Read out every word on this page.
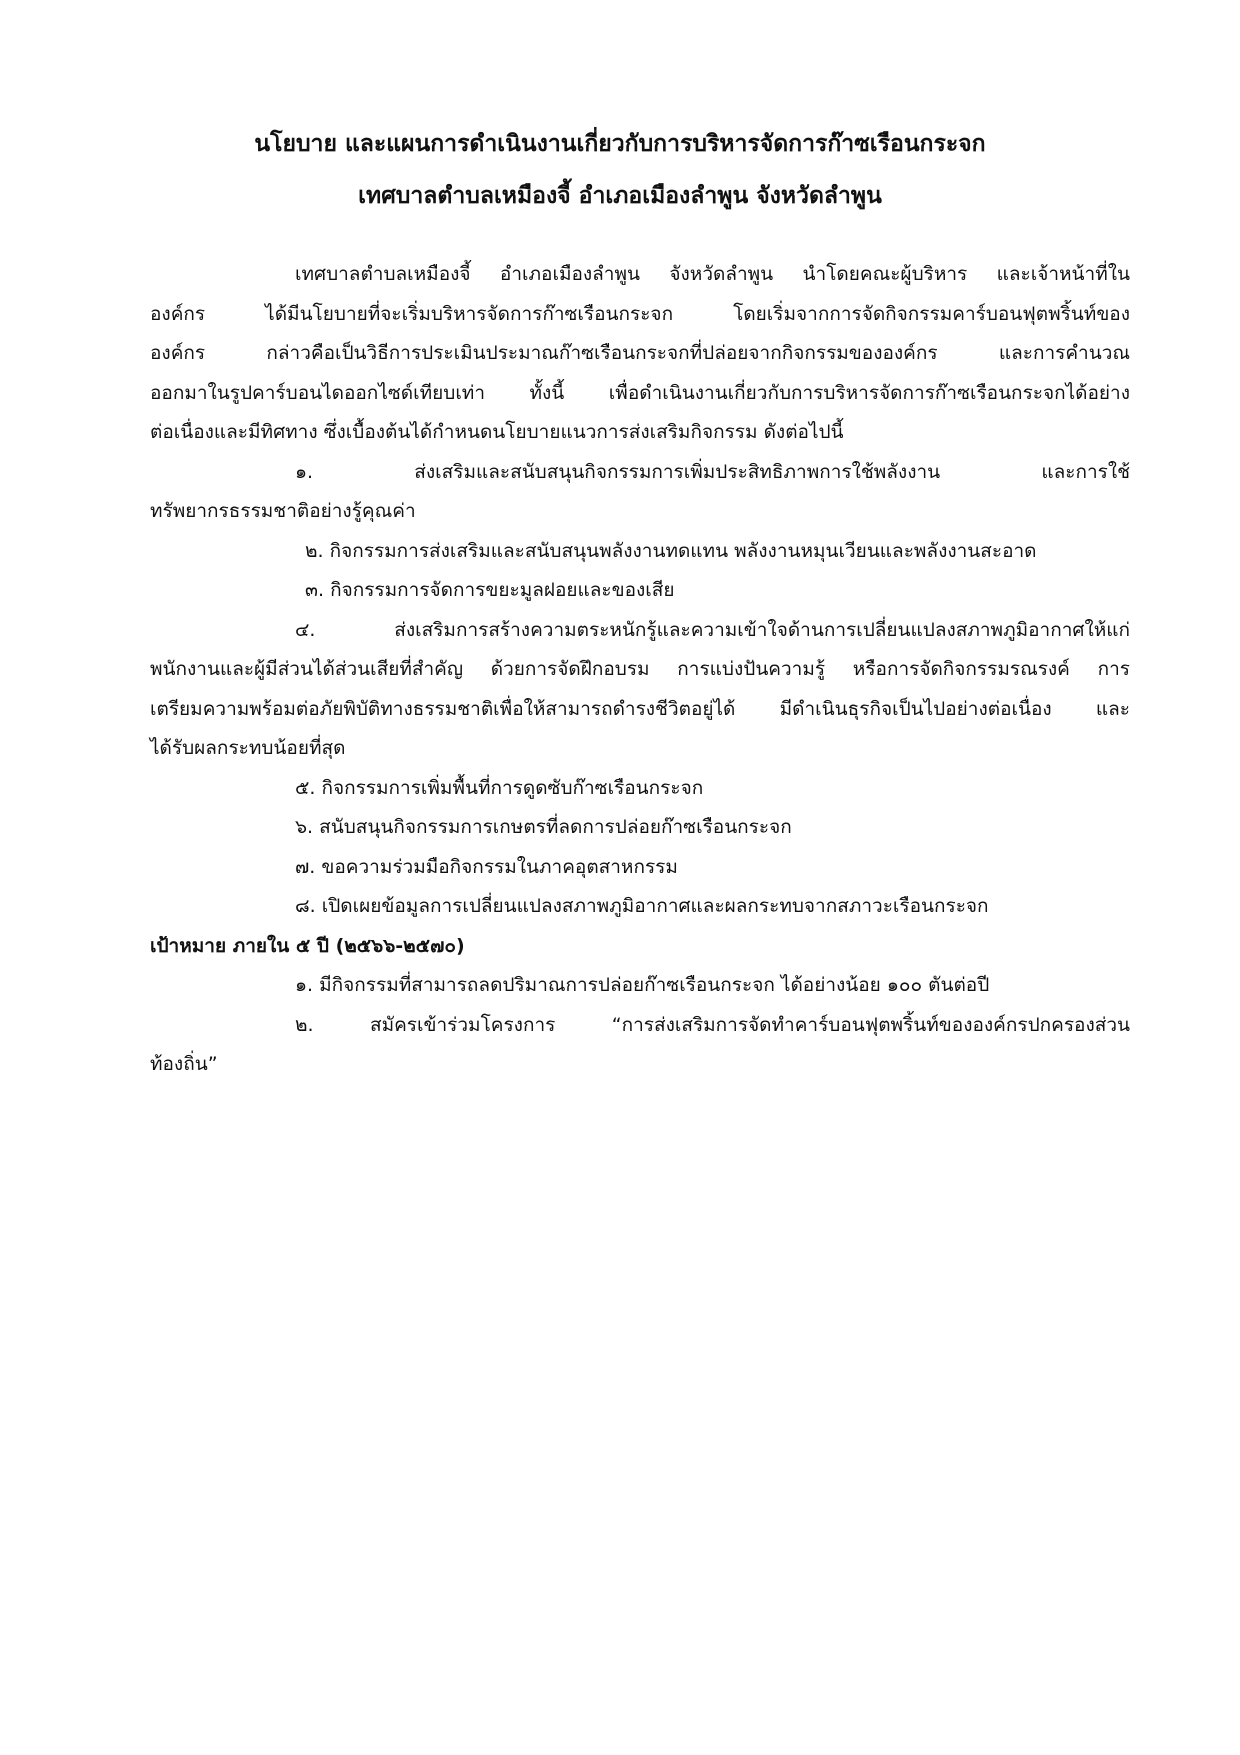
นโยบาย และแผนการดำเนินงานเกี่ยวกับการบริหารจัดการก๊าซเรือนกระจก
เทศบาลตำบลเหมืองจี้ อำเภอเมืองลำพูน จังหวัดลำพูน
เทศบาลตำบลเหมืองจี้ อำเภอเมืองลำพูน จังหวัดลำพูน นำโดยคณะผู้บริหาร และเจ้าหน้าที่ใน
องค์กร ได้มีนโยบายที่จะเริ่มบริหารจัดการก๊าซเรือนกระจก โดยเริ่มจากการจัดกิจกรรมคาร์บอนฟุตพริ้นท์ของ
องค์กร กล่าวคือเป็นวิธีการประเมินประมาณก๊าซเรือนกระจกที่ปล่อยจากกิจกรรมขององค์กร และการคำนวณ
ออกมาในรูปคาร์บอนไดออกไซด์เทียบเท่า ทั้งนี้ เพื่อดำเนินงานเกี่ยวกับการบริหารจัดการก๊าซเรือนกระจกได้อย่าง
ต่อเนื่องและมีทิศทาง ซึ่งเบื้องต้นได้กำหนดนโยบายแนวการส่งเสริมกิจกรรม ดังต่อไปนี้
๑. ส่งเสริมและสนับสนุนกิจกรรมการเพิ่มประสิทธิภาพการใช้พลังงาน และการใช้
ทรัพยากรธรรมชาติอย่างรู้คุณค่า
๒. กิจกรรมการส่งเสริมและสนับสนุนพลังงานทดแทน พลังงานหมุนเวียนและพลังงานสะอาด
๓. กิจกรรมการจัดการขยะมูลฝอยและของเสีย
๔. ส่งเสริมการสร้างความตระหนักรู้และความเข้าใจด้านการเปลี่ยนแปลงสภาพภูมิอากาศให้แก่
พนักงานและผู้มีส่วนได้ส่วนเสียที่สำคัญ ด้วยการจัดฝึกอบรม การแบ่งปันความรู้ หรือการจัดกิจกรรมรณรงค์ การ
เตรียมความพร้อมต่อภัยพิบัติทางธรรมชาติเพื่อให้สามารถดำรงชีวิตอยู่ได้ มีดำเนินธุรกิจเป็นไปอย่างต่อเนื่อง และ
ได้รับผลกระทบน้อยที่สุด
๕. กิจกรรมการเพิ่มพื้นที่การดูดซับก๊าซเรือนกระจก
๖. สนับสนุนกิจกรรมการเกษตรที่ลดการปล่อยก๊าซเรือนกระจก
๗. ขอความร่วมมือกิจกรรมในภาคอุตสาหกรรม
๘. เปิดเผยข้อมูลการเปลี่ยนแปลงสภาพภูมิอากาศและผลกระทบจากสภาวะเรือนกระจก
เป้าหมาย ภายใน ๕ ปี (๒๕๖๖-๒๕๗๐)
๑. มีกิจกรรมที่สามารถลดปริมาณการปล่อยก๊าซเรือนกระจก ได้อย่างน้อย ๑๐๐ ตันต่อปี
๒. สมัครเข้าร่วมโครงการ “การส่งเสริมการจัดทำคาร์บอนฟุตพริ้นท์ขององค์กรปกครองส่วน
ท้องถิ่น”
